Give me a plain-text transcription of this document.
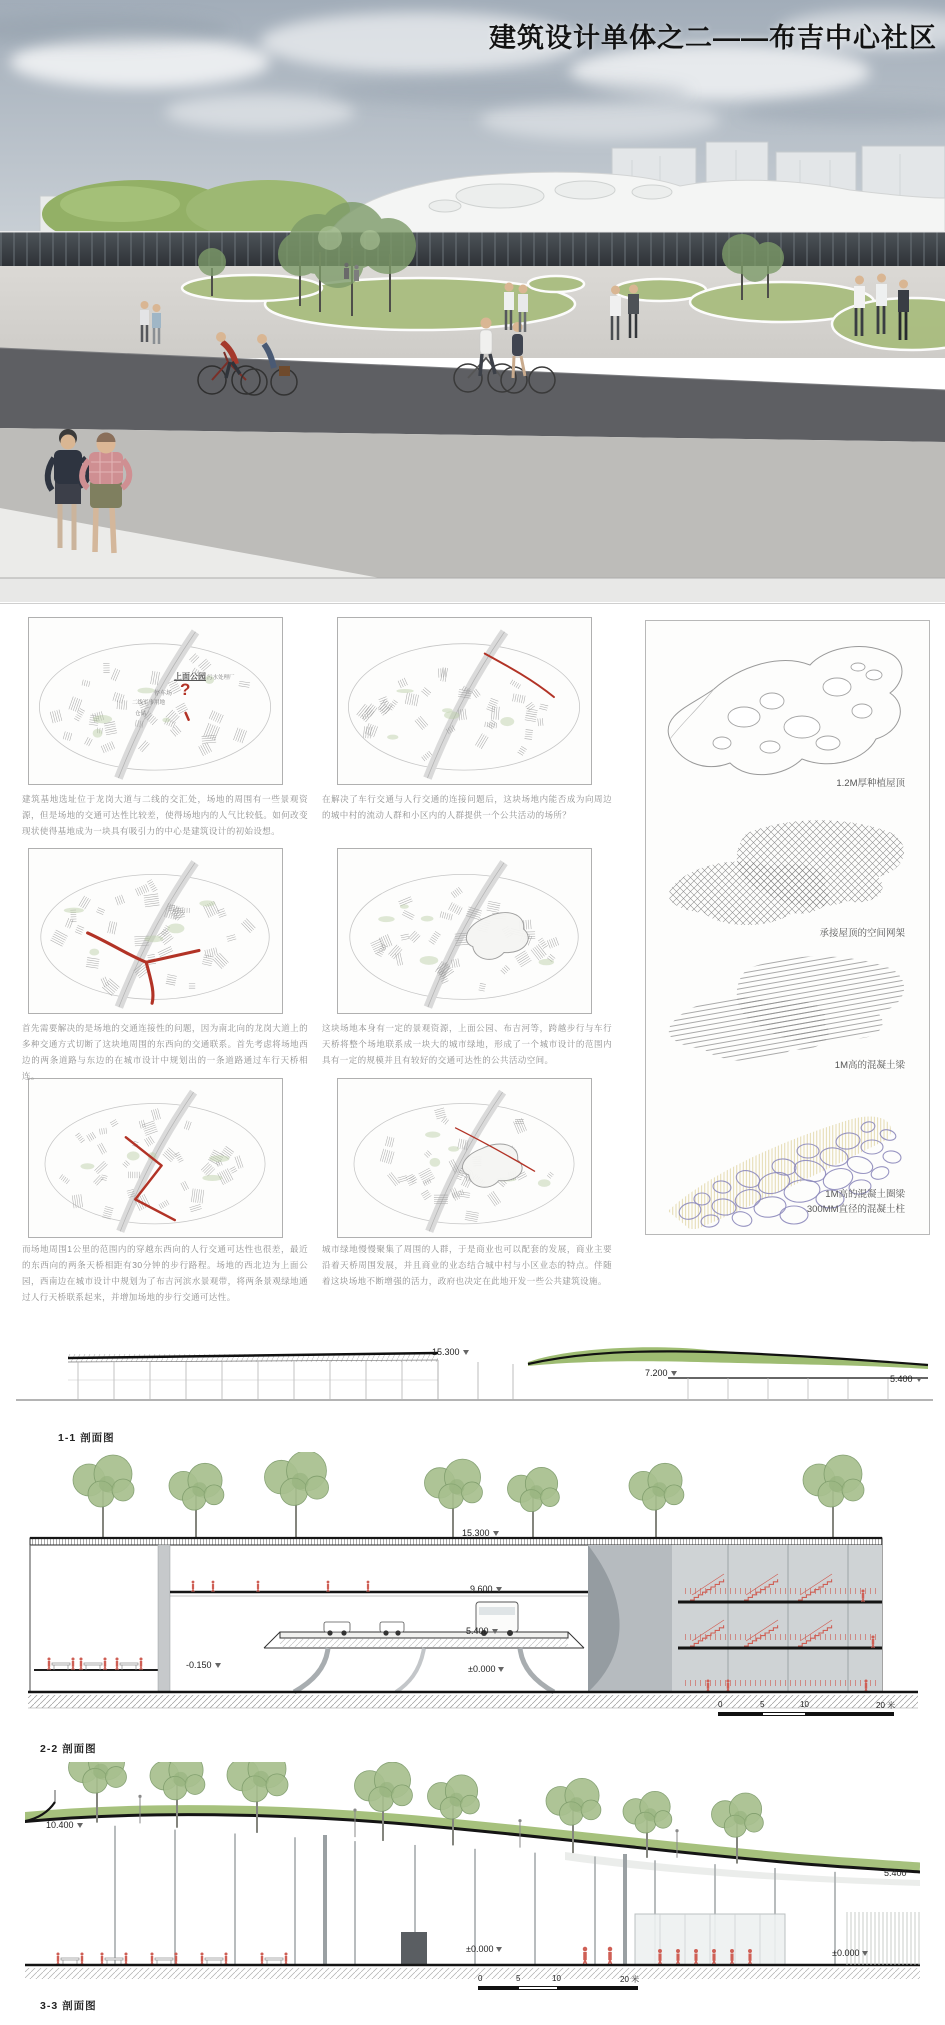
建筑设计单体之二——布吉中心社区
上面公园 污水处理厂
停车场
二线军事用地
仓储
?

建筑基地选址位于龙岗大道与二线的交汇处，场地的周围有一些景观资源，但是场地的交通可达性比较差，使得场地内的人气比较低。如何改变现状使得基地成为一块具有吸引力的中心是建筑设计的初始设想。

在解决了车行交通与人行交通的连接问题后，这块场地内能否成为向周边的城中村的流动人群和小区内的人群提供一个公共活动的场所？

首先需要解决的是场地的交通连接性的问题，因为南北向的龙岗大道上的多种交通方式切断了这块地周围的东西向的交通联系。首先考虑将场地西边的两条道路与东边的在城市设计中规划出的一条道路通过车行天桥相连。

这块场地本身有一定的景观资源，上面公园、布吉河等，跨越步行与车行天桥将整个场地联系成一块大的城市绿地，形成了一个城市设计的范围内具有一定的规模并且有较好的交通可达性的公共活动空间。

而场地周围1公里的范围内的穿越东西向的人行交通可达性也很差，最近的东西向的两条天桥相距有30分钟的步行路程。场地的西北边为上面公园，西南边在城市设计中规划为了布吉河滨水景观带，将两条景观绿地通过人行天桥联系起来，并增加场地的步行交通可达性。

城市绿地慢慢聚集了周围的人群，于是商业也可以配套的发展，商业主要沿着天桥周围发展，并且商业的业态结合城中村与小区业态的特点。伴随着这块场地不断增强的活力，政府也决定在此地开发一些公共建筑设施。

1.2M厚种植屋顶
承接屋顶的空间网架
1M高的混凝土梁
1M高的混凝土圈梁
300MM直径的混凝土柱
15.300
7.200
5.400
1-1 剖面图
15.300
9.600
5.400
±0.000
-0.150
0	5	10	20 米
2-2 剖面图
10.400
5.400
±0.000	±0.000
0	5	10	20 米
3-3 剖面图
